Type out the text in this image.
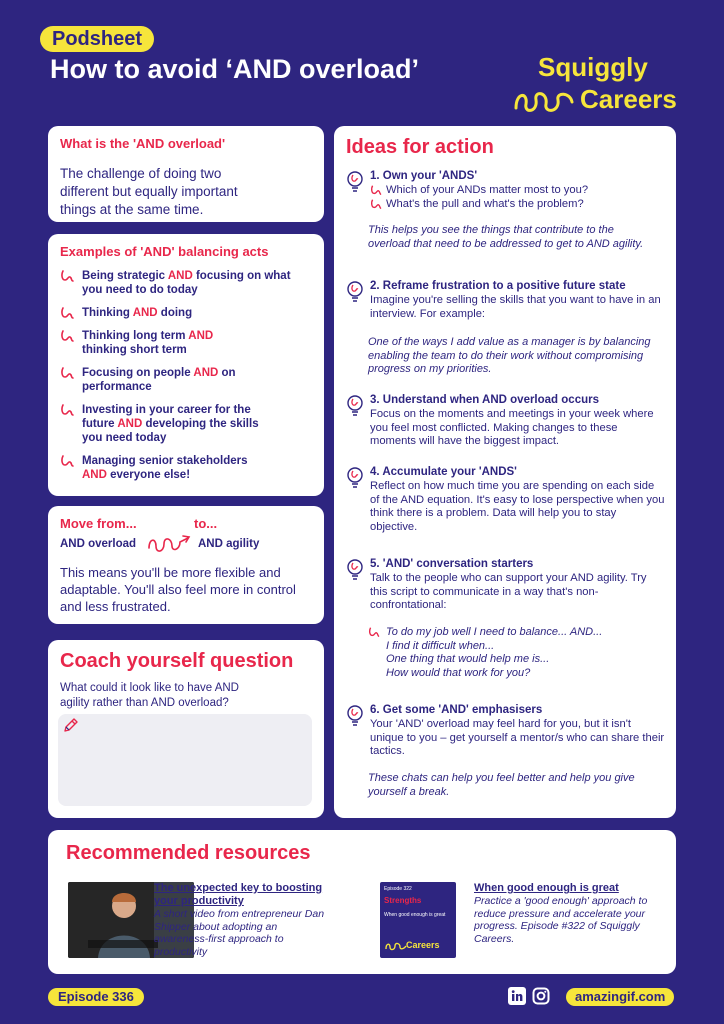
Podsheet
How to avoid ‘AND overload’	Squiggly
Careers
What is the 'AND overload'
The challenge of doing two different but equally important things at the same time.
Examples of 'AND' balancing acts
Being strategic AND focusing on what you need to do today
Thinking AND doing
Thinking long term AND thinking short term
Focusing on people AND on performance
Investing in your career for the future AND developing the skills you need today
Managing senior stakeholders AND everyone else!
Move from...	to...
AND overload	AND agility
This means you'll be more flexible and adaptable. You'll also feel more in control and less frustrated.
Coach yourself question
What could it look like to have AND agility rather than AND overload?
Ideas for action
1. Own your 'ANDS'
Which of your ANDs matter most to you?
What's the pull and what's the problem?
This helps you see the things that contribute to the overload that need to be addressed to get to AND agility.
2. Reframe frustration to a positive future state
Imagine you're selling the skills that you want to have in an interview. For example:
One of the ways I add value as a manager is by balancing enabling the team to do their work without compromising progress on my priorities.
3. Understand when AND overload occurs
Focus on the moments and meetings in your week where you feel most conflicted. Making changes to these moments will have the biggest impact.
4. Accumulate your 'ANDS'
Reflect on how much time you are spending on each side of the AND equation. It's easy to lose perspective when you think there is a problem. Data will help you to stay objective.
5. 'AND' conversation starters
Talk to the people who can support your AND agility. Try this script to communicate in a way that's non-confrontational:
To do my job well I need to balance... AND...
I find it difficult when...
One thing that would help me is...
How would that work for you?
6. Get some 'AND' emphasisers
Your 'AND' overload may feel hard for you, but it isn't unique to you – get yourself a mentor/s who can share their tactics.
These chats can help you feel better and help you give yourself a break.
Recommended resources
The unexpected key to boosting your productivity
A short video from entrepreneur Dan Shipper about adopting an awareness-first approach to productivity
Episode 322
Strengths
When good enough is great
Careers
When good enough is great
Practice a 'good enough' approach to reduce pressure and accelerate your progress. Episode #322 of Squiggly Careers.
Episode 336	amazingif.com
